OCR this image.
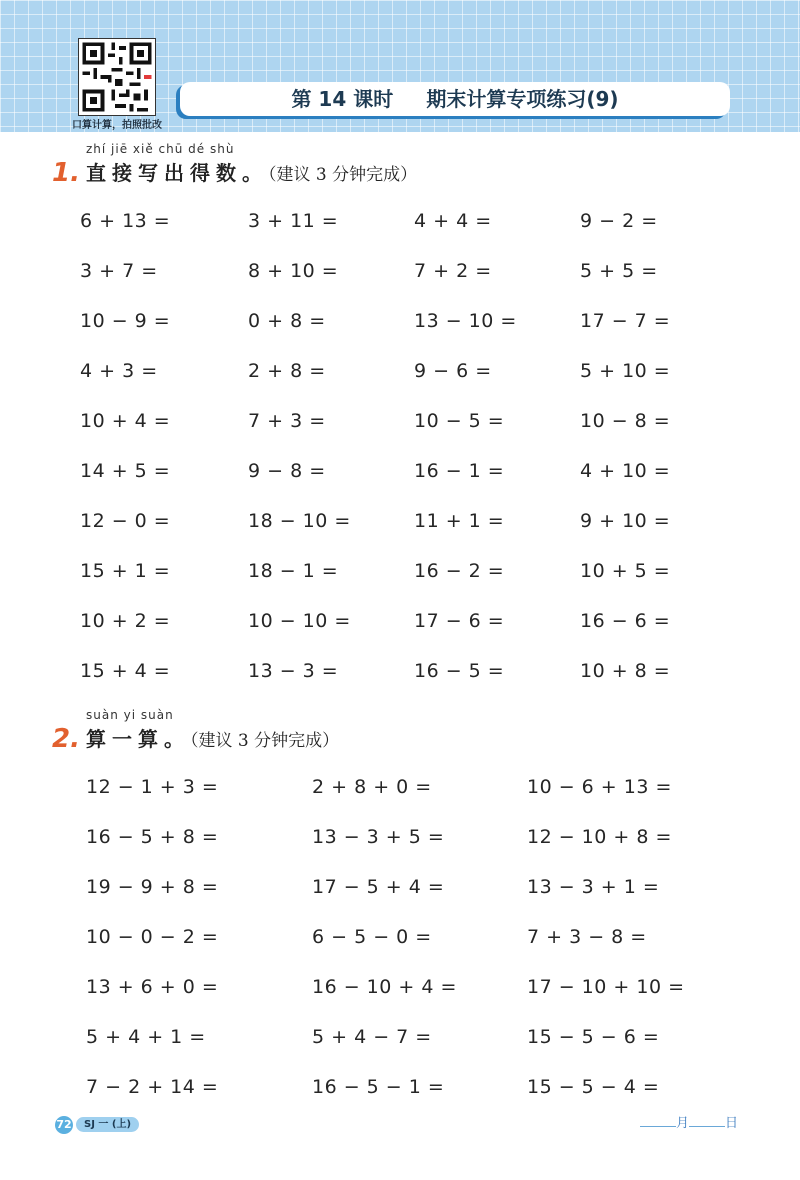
口算计算，拍照批改
第 14 课时 期末计算专项练习(9)
1.
zhí jiē xiě chū dé shù
直接写出得数。（建议 3 分钟完成）
6 + 13 =	3 + 11 =	4 + 4 =	9 − 2 =
3 + 7 =	8 + 10 =	7 + 2 =	5 + 5 =
10 − 9 =	0 + 8 =	13 − 10 =	17 − 7 =
4 + 3 =	2 + 8 =	9 − 6 =	5 + 10 =
10 + 4 =	7 + 3 =	10 − 5 =	10 − 8 =
14 + 5 =	9 − 8 =	16 − 1 =	4 + 10 =
12 − 0 =	18 − 10 =	11 + 1 =	9 + 10 =
15 + 1 =	18 − 1 =	16 − 2 =	10 + 5 =
10 + 2 =	10 − 10 =	17 − 6 =	16 − 6 =
15 + 4 =	13 − 3 =	16 − 5 =	10 + 8 =
2.
suàn yi suàn
算一算。（建议 3 分钟完成）
12 − 1 + 3 =	2 + 8 + 0 =	10 − 6 + 13 =
16 − 5 + 8 =	13 − 3 + 5 =	12 − 10 + 8 =
19 − 9 + 8 =	17 − 5 + 4 =	13 − 3 + 1 =
10 − 0 − 2 =	6 − 5 − 0 =	7 + 3 − 8 =
13 + 6 + 0 =	16 − 10 + 4 =	17 − 10 + 10 =
5 + 4 + 1 =	5 + 4 − 7 =	15 − 5 − 6 =
7 − 2 + 14 =	16 − 5 − 1 =	15 − 5 − 4 =
72	SJ 一 (上)	月	日
